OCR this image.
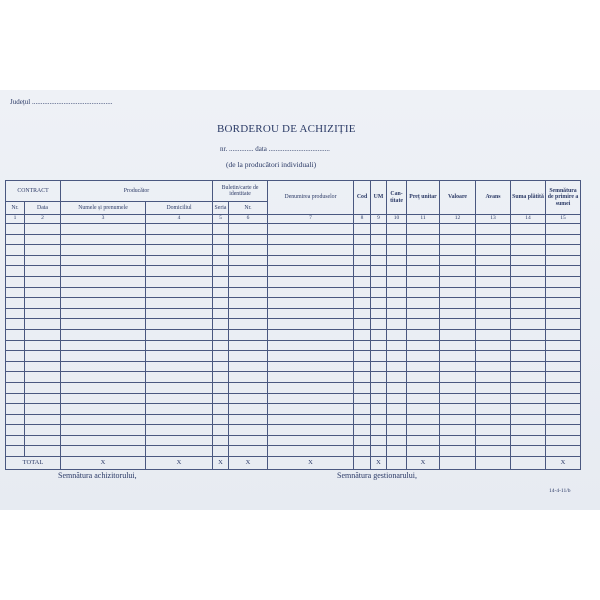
Județul ..............................................
BORDEROU DE ACHIZIȚIE
nr. .............. data ...................................
(de la producători individuali)
CONTRACT		Producător		Buletin/carte de identitate		Denumirea produselor	Cod	UM	Can-titate	Preț unitar	Valoare	Avans	Suma plătită	Semnătura de primire a sumei
Nr.	Data	Numele și prenumele	Domiciliul	Seria	Nr.									
1	2	3	4	5	6	7	8	9	10	11	12	13	14	15

TOTAL		X	X	X	X	X		X		X				X
Semnătura achizitorului,	Semnătura gestionarului,
14-4-11/b
